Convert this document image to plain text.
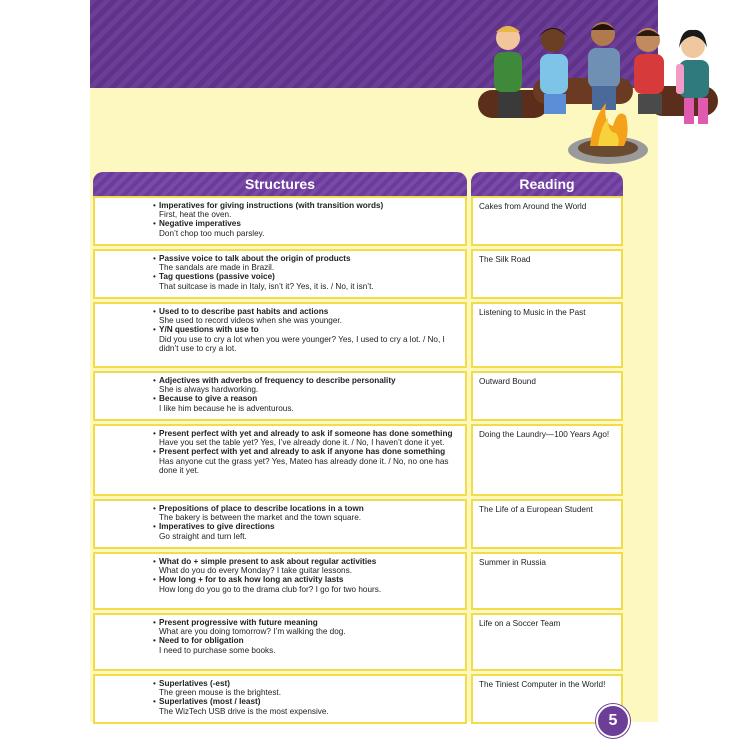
Structures	Reading
• Imperatives for giving instructions (with transition words)
First, heat the oven.
• Negative imperatives
Don’t chop too much parsley.
Cakes from Around the World
• Passive voice to talk about the origin of products
The sandals are made in Brazil.
• Tag questions (passive voice)
That suitcase is made in Italy, isn’t it? Yes, it is. / No, it isn’t.
The Silk Road
• Used to to describe past habits and actions
She used to record videos when she was younger.
• Y/N questions with use to
Did you use to cry a lot when you were younger? Yes, I used to cry a lot. / No, I didn’t use to cry a lot.
Listening to Music in the Past
• Adjectives with adverbs of frequency to describe personality
She is always hardworking.
• Because to give a reason
I like him because he is adventurous.
Outward Bound
• Present perfect with yet and already to ask if someone has done something
Have you set the table yet? Yes, I’ve already done it. / No, I haven’t done it yet.
• Present perfect with yet and already to ask if anyone has done something
Has anyone cut the grass yet? Yes, Mateo has already done it. / No, no one has done it yet.
Doing the Laundry—100 Years Ago!
• Prepositions of place to describe locations in a town
The bakery is between the market and the town square.
• Imperatives to give directions
Go straight and turn left.
The Life of a European Student
• What do + simple present to ask about regular activities
What do you do every Monday? I take guitar lessons.
• How long + for to ask how long an activity lasts
How long do you go to the drama club for? I go for two hours.
Summer in Russia
• Present progressive with future meaning
What are you doing tomorrow? I’m walking the dog.
• Need to for obligation
I need to purchase some books.
Life on a Soccer Team
• Superlatives (-est)
The green mouse is the brightest.
• Superlatives (most / least)
The WizTech USB drive is the most expensive.
The Tiniest Computer in the World!
5
